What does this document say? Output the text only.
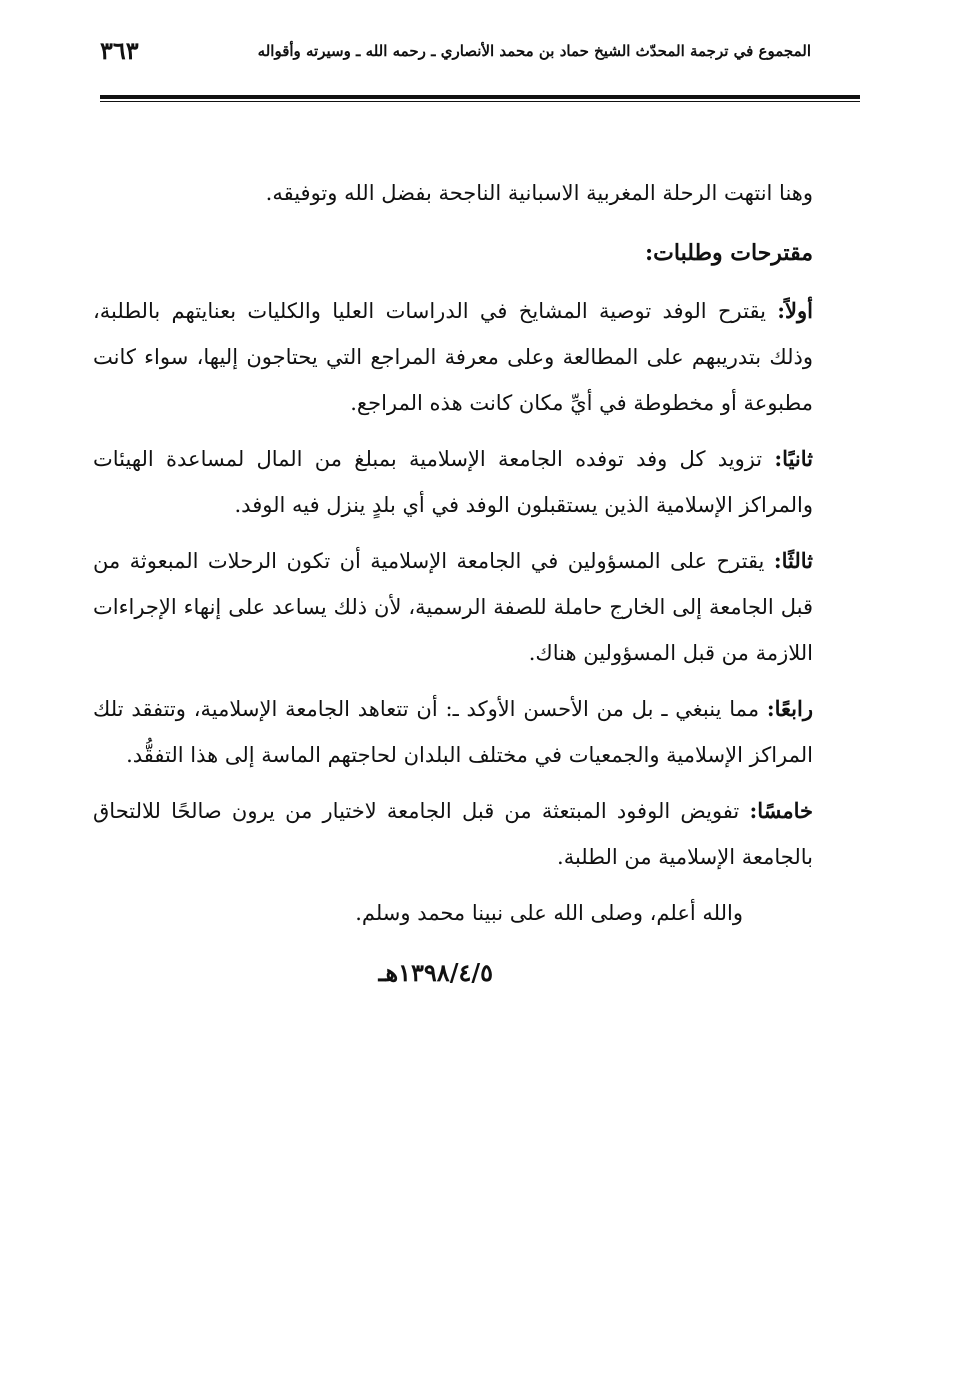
المجموع في ترجمة المحدّث الشيخ حماد بن محمد الأنصاري ـ رحمه الله ـ وسيرته وأقواله
٣٦٣

وهنا انتهت الرحلة المغربية الاسبانية الناجحة بفضل الله وتوفيقه.

مقترحات وطلبات:

أولاً: يقترح الوفد توصية المشايخ في الدراسات العليا والكليات بعنايتهم بالطلبة، وذلك بتدريبهم على المطالعة وعلى معرفة المراجع التي يحتاجون إليها، سواء كانت مطبوعة أو مخطوطة في أيِّ مكان كانت هذه المراجع.

ثانيًا: تزويد كل وفد توفده الجامعة الإسلامية بمبلغ من المال لمساعدة الهيئات والمراكز الإسلامية الذين يستقبلون الوفد في أي بلدٍ ينزل فيه الوفد.

ثالثًا: يقترح على المسؤولين في الجامعة الإسلامية أن تكون الرحلات المبعوثة من قبل الجامعة إلى الخارج حاملة للصفة الرسمية، لأن ذلك يساعد على إنهاء الإجراءات اللازمة من قبل المسؤولين هناك.

رابعًا: مما ينبغي ـ بل من الأحسن الأوكد ـ: أن تتعاهد الجامعة الإسلامية، وتتفقد تلك المراكز الإسلامية والجمعيات في مختلف البلدان لحاجتهم الماسة إلى هذا التفقُّد.

خامسًا: تفويض الوفود المبتعثة من قبل الجامعة لاختيار من يرون صالحًا للالتحاق بالجامعة الإسلامية من الطلبة.

والله أعلم، وصلى الله على نبينا محمد وسلم.

١٣٩٨/٤/٥هـ
